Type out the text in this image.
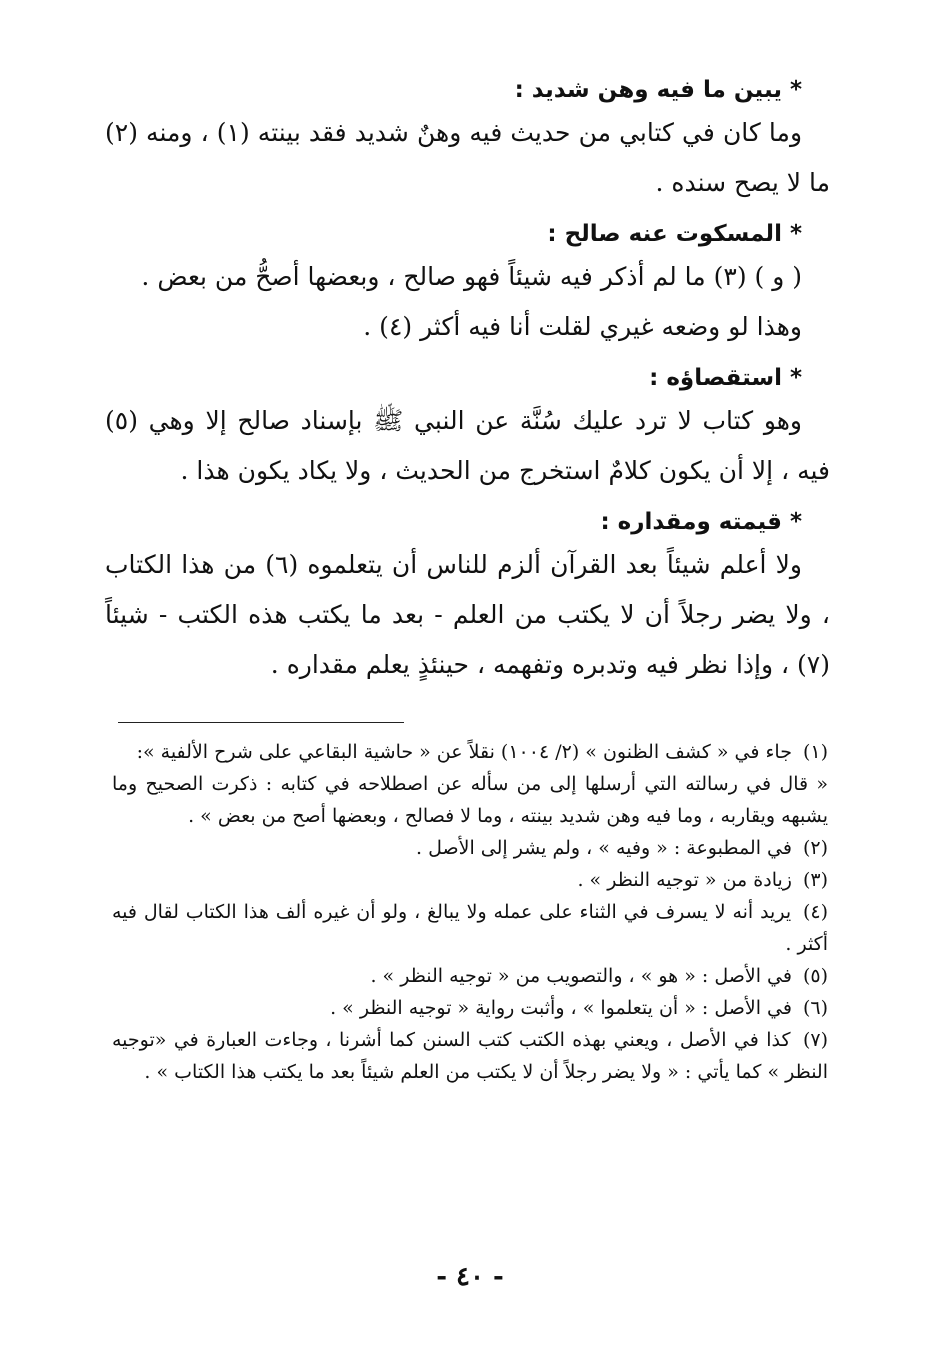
* يبين ما فيه وهن شديد :

وما كان في كتابي من حديث فيه وهنٌ شديد فقد بينته (١) ، ومنه (٢) ما لا يصح سنده .

* المسكوت عنه صالح :

( و ) (٣) ما لم أذكر فيه شيئاً فهو صالح ، وبعضها أصحُّ من بعض .

وهذا لو وضعه غيري لقلت أنا فيه أكثر (٤) .

* استقصاؤه :

وهو كتاب لا ترد عليك سُنَّة عن النبي ﷺ بإسناد صالح إلا وهي (٥) فيه ، إلا أن يكون كلامٌ استخرج من الحديث ، ولا يكاد يكون هذا .

* قيمته ومقداره :

ولا أعلم شيئاً بعد القرآن ألزم للناس أن يتعلموه (٦) من هذا الكتاب ، ولا يضر رجلاً أن لا يكتب من العلم - بعد ما يكتب هذه الكتب - شيئاً (٧) ، وإذا نظر فيه وتدبره وتفهمه ، حينئذٍ يعلم مقداره .

(١) جاء في « كشف الظنون » (٢/ ١٠٠٤) نقلاً عن « حاشية البقاعي على شرح الألفية »:

« قال في رسالته التي أرسلها إلى من سأله عن اصطلاحه في كتابه : ذكرت الصحيح وما يشبهه ويقاربه ، وما فيه وهن شديد بينته ، وما لا فصالح ، وبعضها أصح من بعض » .

(٢) في المطبوعة : « وفيه » ، ولم يشر إلى الأصل .

(٣) زيادة من « توجيه النظر » .

(٤) يريد أنه لا يسرف في الثناء على عمله ولا يبالغ ، ولو أن غيره ألف هذا الكتاب لقال فيه أكثر .

(٥) في الأصل : « هو » ، والتصويب من « توجيه النظر » .

(٦) في الأصل : « أن يتعلموا » ، وأثبت رواية « توجيه النظر » .

(٧) كذا في الأصل ، ويعني بهذه الكتب كتب السنن كما أشرنا ، وجاءت العبارة في «توجيه النظر » كما يأتي : « ولا يضر رجلاً أن لا يكتب من العلم شيئاً بعد ما يكتب هذا الكتاب » .

- ٤٠ -
